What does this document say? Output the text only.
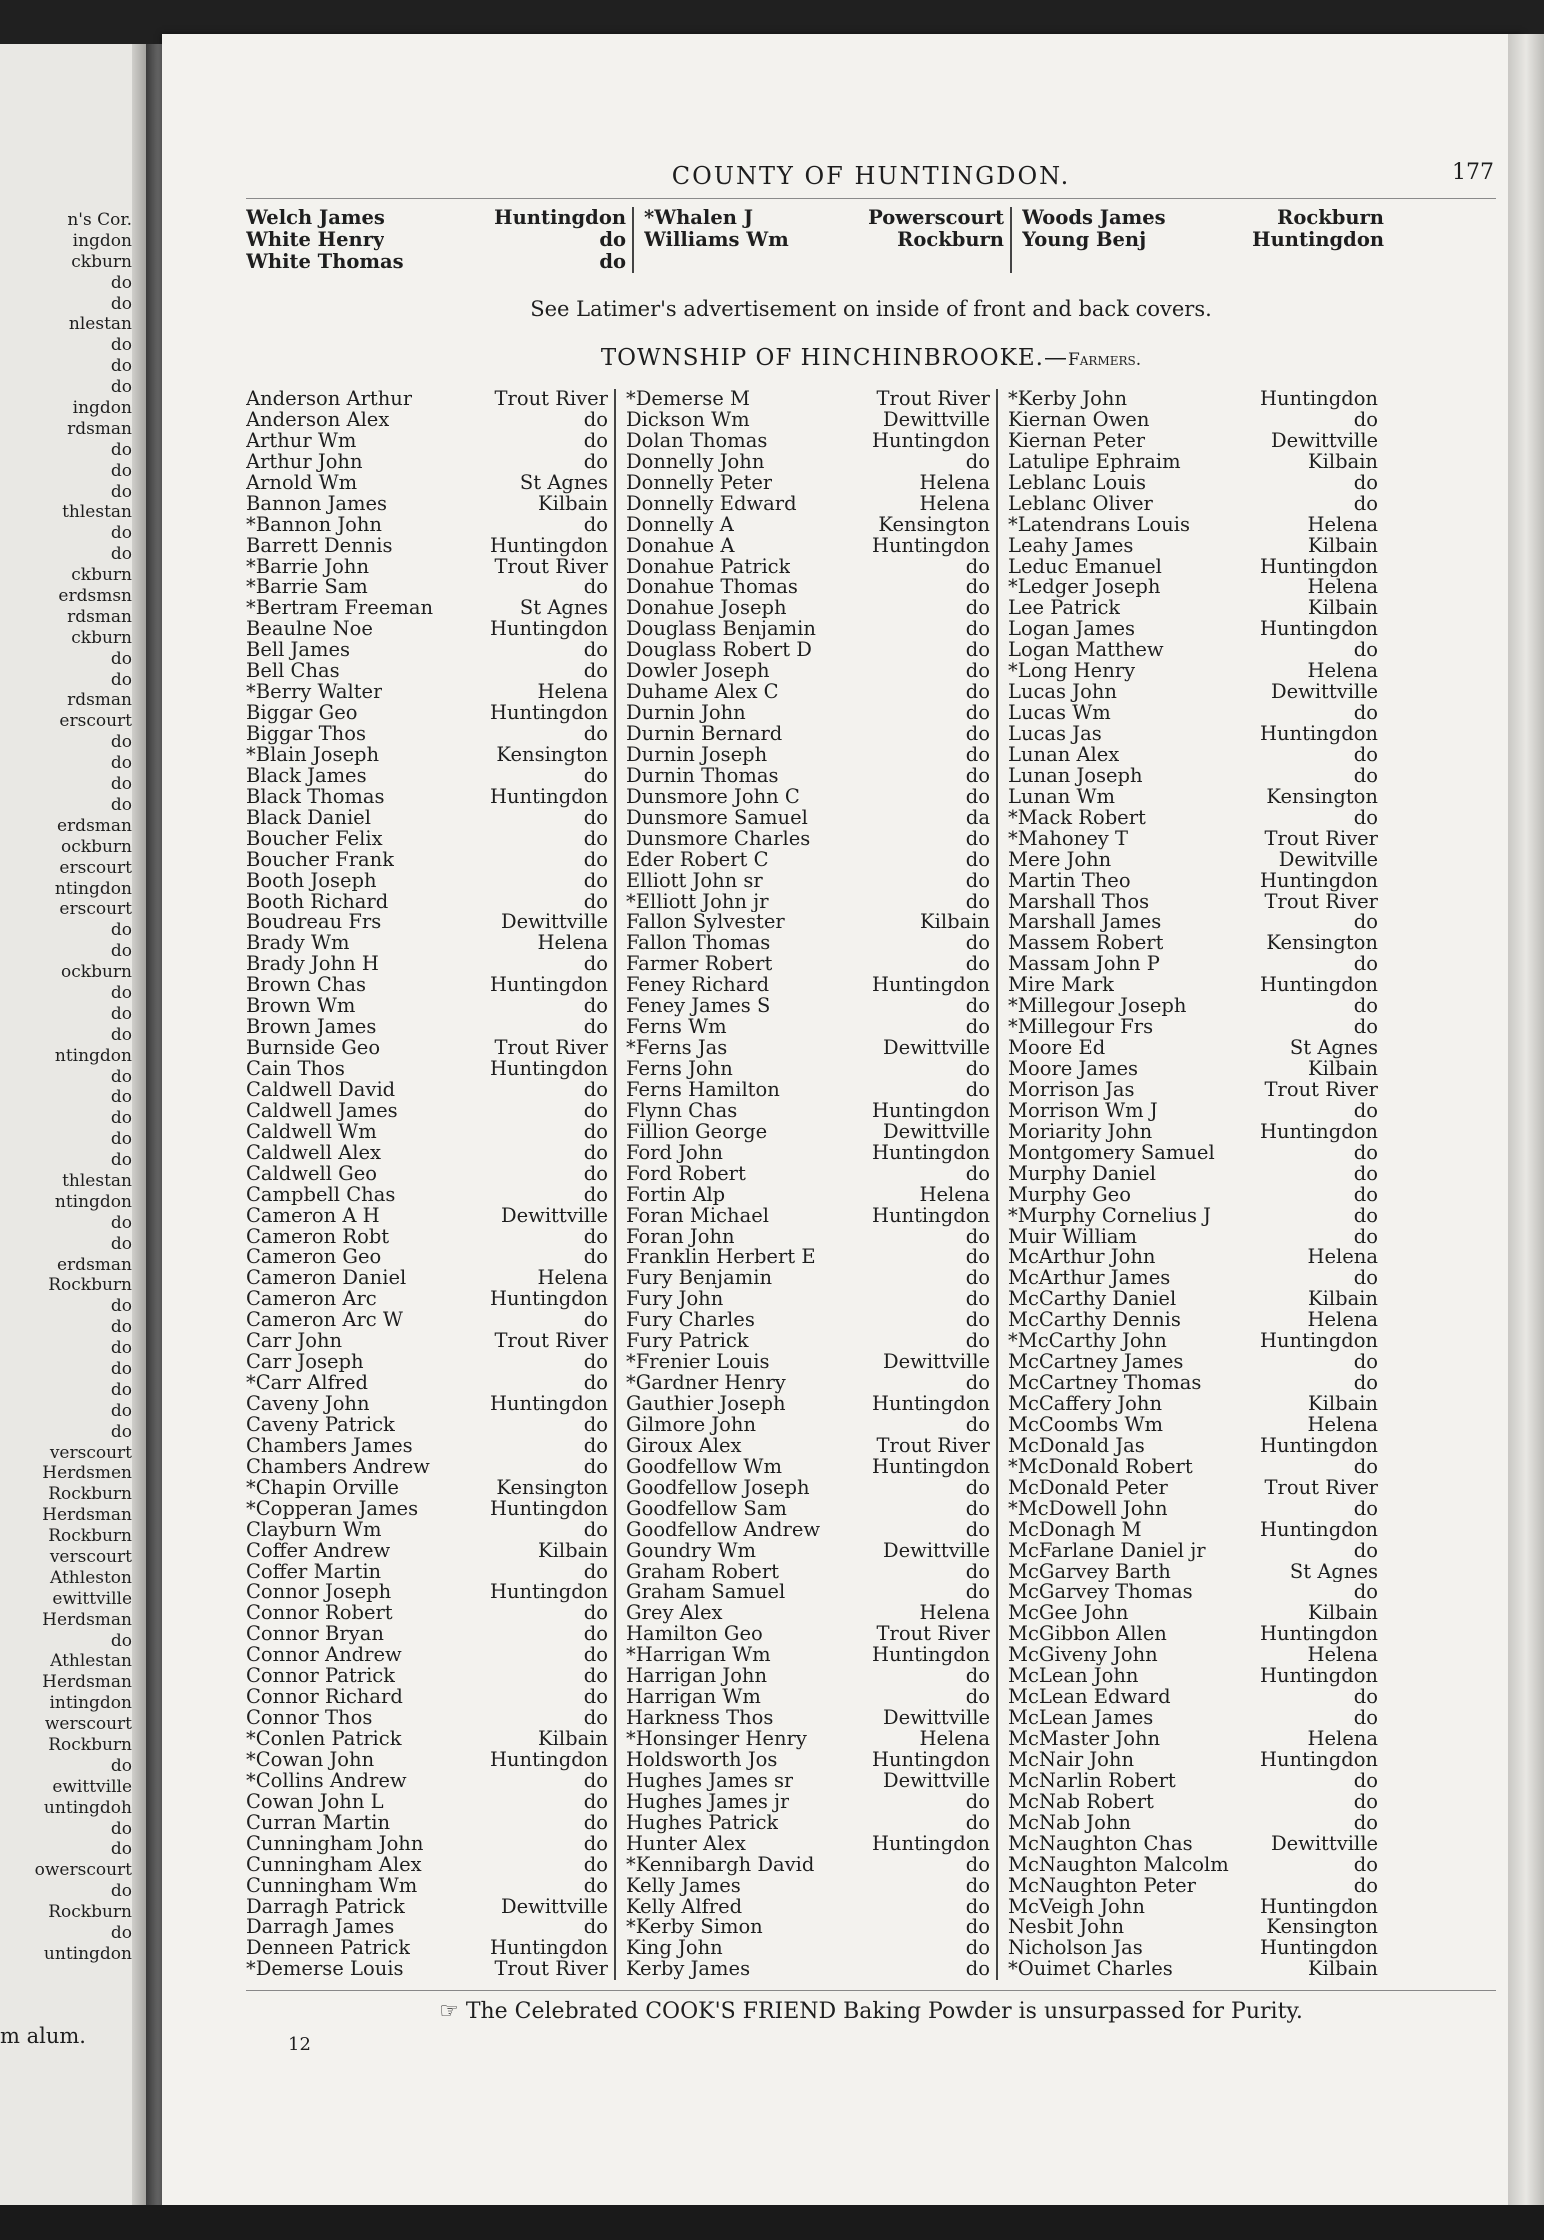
n's Cor.
ingdon
ckburn
do
do
nlestan
do
do
do
ingdon
rdsman
do
do
do
thlestan
do
do
ckburn
erdsmsn
rdsman
ckburn
do
do
rdsman
erscourt
do
do
do
do
erdsman
ockburn
erscourt
ntingdon
erscourt
do
do
ockburn
do
do
do
ntingdon
do
do
do
do
do
thlestan
ntingdon
do
do
erdsman
Rockburn
do
do
do
do
do
do
do
verscourt
Herdsmen
Rockburn
Herdsman
Rockburn
verscourt
Athleston
ewittville
Herdsman
do
Athlestan
Herdsman
intingdon
werscourt
Rockburn
do
ewittville
untingdoh
do
do
owerscourt
do
Rockburn
do
untingdon
m alum.
COUNTY OF HUNTINGDON.	177
Welch James	Huntingdon
White Henry	do
White Thomas	do

*Whalen J	Powerscourt
Williams Wm	Rockburn

Woods James	Rockburn
Young Benj	Huntingdon
See Latimer's advertisement on inside of front and back covers.
TOWNSHIP OF HINCHINBROOKE.—Farmers.
Anderson Arthur	Trout River
Anderson Alex	do
Arthur Wm	do
Arthur John	do
Arnold Wm	St Agnes
Bannon James	Kilbain
*Bannon John	do
Barrett Dennis	Huntingdon
*Barrie John	Trout River
*Barrie Sam	do
*Bertram Freeman	St Agnes
Beaulne Noe	Huntingdon
Bell James	do
Bell Chas	do
*Berry Walter	Helena
Biggar Geo	Huntingdon
Biggar Thos	do
*Blain Joseph	Kensington
Black James	do
Black Thomas	Huntingdon
Black Daniel	do
Boucher Felix	do
Boucher Frank	do
Booth Joseph	do
Booth Richard	do
Boudreau Frs	Dewittville
Brady Wm	Helena
Brady John H	do
Brown Chas	Huntingdon
Brown Wm	do
Brown James	do
Burnside Geo	Trout River
Cain Thos	Huntingdon
Caldwell David	do
Caldwell James	do
Caldwell Wm	do
Caldwell Alex	do
Caldwell Geo	do
Campbell Chas	do
Cameron A H	Dewittville
Cameron Robt	do
Cameron Geo	do
Cameron Daniel	Helena
Cameron Arc	Huntingdon
Cameron Arc W	do
Carr John	Trout River
Carr Joseph	do
*Carr Alfred	do
Caveny John	Huntingdon
Caveny Patrick	do
Chambers James	do
Chambers Andrew	do
*Chapin Orville	Kensington
*Copperan James	Huntingdon
Clayburn Wm	do
Coffer Andrew	Kilbain
Coffer Martin	do
Connor Joseph	Huntingdon
Connor Robert	do
Connor Bryan	do
Connor Andrew	do
Connor Patrick	do
Connor Richard	do
Connor Thos	do
*Conlen Patrick	Kilbain
*Cowan John	Huntingdon
*Collins Andrew	do
Cowan John L	do
Curran Martin	do
Cunningham John	do
Cunningham Alex	do
Cunningham Wm	do
Darragh Patrick	Dewittville
Darragh James	do
Denneen Patrick	Huntingdon
*Demerse Louis	Trout River

*Demerse M	Trout River
Dickson Wm	Dewittville
Dolan Thomas	Huntingdon
Donnelly John	do
Donnelly Peter	Helena
Donnelly Edward	Helena
Donnelly A	Kensington
Donahue A	Huntingdon
Donahue Patrick	do
Donahue Thomas	do
Donahue Joseph	do
Douglass Benjamin	do
Douglass Robert D	do
Dowler Joseph	do
Duhame Alex C	do
Durnin John	do
Durnin Bernard	do
Durnin Joseph	do
Durnin Thomas	do
Dunsmore John C	do
Dunsmore Samuel	da
Dunsmore Charles	do
Eder Robert C	do
Elliott John sr	do
*Elliott John jr	do
Fallon Sylvester	Kilbain
Fallon Thomas	do
Farmer Robert	do
Feney Richard	Huntingdon
Feney James S	do
Ferns Wm	do
*Ferns Jas	Dewittville
Ferns John	do
Ferns Hamilton	do
Flynn Chas	Huntingdon
Fillion George	Dewittville
Ford John	Huntingdon
Ford Robert	do
Fortin Alp	Helena
Foran Michael	Huntingdon
Foran John	do
Franklin Herbert E	do
Fury Benjamin	do
Fury John	do
Fury Charles	do
Fury Patrick	do
*Frenier Louis	Dewittville
*Gardner Henry	do
Gauthier Joseph	Huntingdon
Gilmore John	do
Giroux Alex	Trout River
Goodfellow Wm	Huntingdon
Goodfellow Joseph	do
Goodfellow Sam	do
Goodfellow Andrew	do
Goundry Wm	Dewittville
Graham Robert	do
Graham Samuel	do
Grey Alex	Helena
Hamilton Geo	Trout River
*Harrigan Wm	Huntingdon
Harrigan John	do
Harrigan Wm	do
Harkness Thos	Dewittville
*Honsinger Henry	Helena
Holdsworth Jos	Huntingdon
Hughes James sr	Dewittville
Hughes James jr	do
Hughes Patrick	do
Hunter Alex	Huntingdon
*Kennibargh David	do
Kelly James	do
Kelly Alfred	do
*Kerby Simon	do
King John	do
Kerby James	do

*Kerby John	Huntingdon
Kiernan Owen	do
Kiernan Peter	Dewittville
Latulipe Ephraim	Kilbain
Leblanc Louis	do
Leblanc Oliver	do
*Latendrans Louis	Helena
Leahy James	Kilbain
Leduc Emanuel	Huntingdon
*Ledger Joseph	Helena
Lee Patrick	Kilbain
Logan James	Huntingdon
Logan Matthew	do
*Long Henry	Helena
Lucas John	Dewittville
Lucas Wm	do
Lucas Jas	Huntingdon
Lunan Alex	do
Lunan Joseph	do
Lunan Wm	Kensington
*Mack Robert	do
*Mahoney T	Trout River
Mere John	Dewitville
Martin Theo	Huntingdon
Marshall Thos	Trout River
Marshall James	do
Massem Robert	Kensington
Massam John P	do
Mire Mark	Huntingdon
*Millegour Joseph	do
*Millegour Frs	do
Moore Ed	St Agnes
Moore James	Kilbain
Morrison Jas	Trout River
Morrison Wm J	do
Moriarity John	Huntingdon
Montgomery Samuel	do
Murphy Daniel	do
Murphy Geo	do
*Murphy Cornelius J	do
Muir William	do
McArthur John	Helena
McArthur James	do
McCarthy Daniel	Kilbain
McCarthy Dennis	Helena
*McCarthy John	Huntingdon
McCartney James	do
McCartney Thomas	do
McCaffery John	Kilbain
McCoombs Wm	Helena
McDonald Jas	Huntingdon
*McDonald Robert	do
McDonald Peter	Trout River
*McDowell John	do
McDonagh M	Huntingdon
McFarlane Daniel jr	do
McGarvey Barth	St Agnes
McGarvey Thomas	do
McGee John	Kilbain
McGibbon Allen	Huntingdon
McGiveny John	Helena
McLean John	Huntingdon
McLean Edward	do
McLean James	do
McMaster John	Helena
McNair John	Huntingdon
McNarlin Robert	do
McNab Robert	do
McNab John	do
McNaughton Chas	Dewittville
McNaughton Malcolm	do
McNaughton Peter	do
McVeigh John	Huntingdon
Nesbit John	Kensington
Nicholson Jas	Huntingdon
*Ouimet Charles	Kilbain
☞ The Celebrated COOK'S FRIEND Baking Powder is unsurpassed for Purity.
12
